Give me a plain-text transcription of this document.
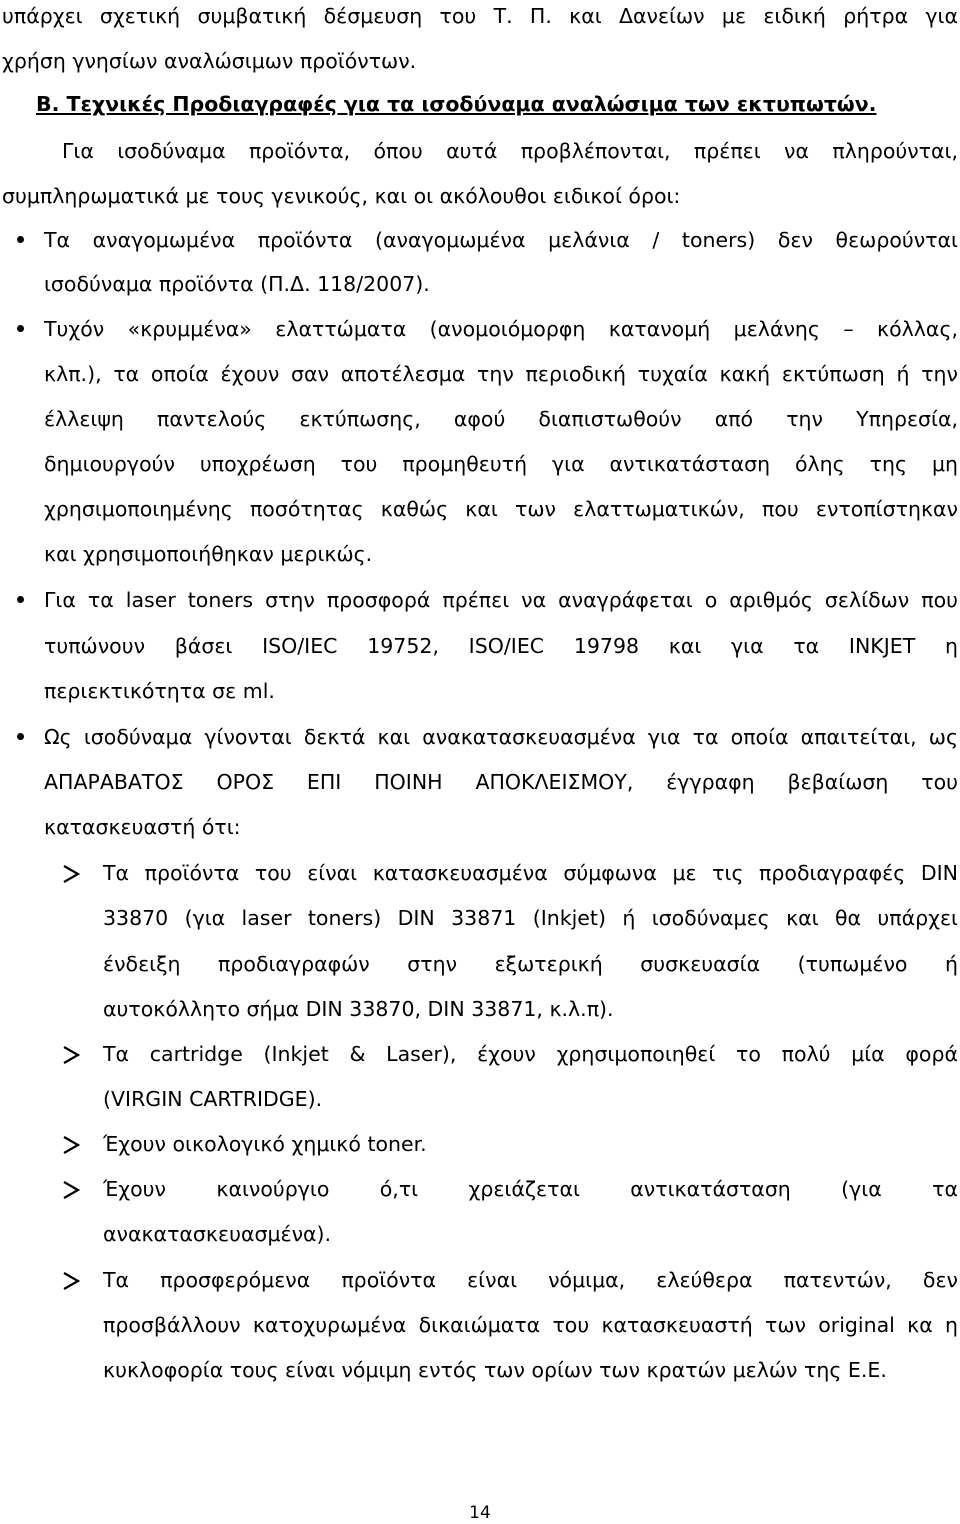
υπάρχει σχετική συμβατική δέσμευση του Τ. Π. και Δανείων με ειδική ρήτρα για
χρήση γνησίων αναλώσιμων προϊόντων.
Β. Τεχνικές Προδιαγραφές για τα ισοδύναμα αναλώσιμα των εκτυπωτών.
Για ισοδύναμα προϊόντα, όπου αυτά προβλέπονται, πρέπει να πληρούνται,
συμπληρωματικά με τους γενικούς, και οι ακόλουθοι ειδικοί όροι:
Τα αναγομωμένα προϊόντα (αναγομωμένα μελάνια / toners) δεν θεωρούνται
ισοδύναμα προϊόντα (Π.Δ. 118/2007).
Τυχόν «κρυμμένα» ελαττώματα (ανομοιόμορφη κατανομή μελάνης – κόλλας,
κλπ.), τα οποία έχουν σαν αποτέλεσμα την περιοδική τυχαία κακή εκτύπωση ή την
έλλειψη παντελούς εκτύπωσης, αφού διαπιστωθούν από την Υπηρεσία,
δημιουργούν υποχρέωση του προμηθευτή για αντικατάσταση όλης της μη
χρησιμοποιημένης ποσότητας καθώς και των ελαττωματικών, που εντοπίστηκαν
και χρησιμοποιήθηκαν μερικώς.
Για τα laser toners στην προσφορά πρέπει να αναγράφεται ο αριθμός σελίδων που
τυπώνουν βάσει ISO/IEC 19752, ISO/IEC 19798 και για τα INKJET η
περιεκτικότητα σε ml.
Ως ισοδύναμα γίνονται δεκτά και ανακατασκευασμένα για τα οποία απαιτείται, ως
ΑΠΑΡΑΒΑΤΟΣ ΟΡΟΣ ΕΠΙ ΠΟΙΝΗ ΑΠΟΚΛΕΙΣΜΟΥ, έγγραφη βεβαίωση του
κατασκευαστή ότι:
Τα προϊόντα του είναι κατασκευασμένα σύμφωνα με τις προδιαγραφές DIN
33870 (για laser toners) DIN 33871 (Inkjet) ή ισοδύναμες και θα υπάρχει
ένδειξη προδιαγραφών στην εξωτερική συσκευασία (τυπωμένο ή
αυτοκόλλητο σήμα DIN 33870, DIN 33871, κ.λ.π).
Τα cartridge (Inkjet & Laser), έχουν χρησιμοποιηθεί το πολύ μία φορά
(VIRGIN CARTRIDGE).
Έχουν οικολογικό χημικό toner.
Έχουν καινούργιο ό,τι χρειάζεται αντικατάσταση (για τα
ανακατασκευασμένα).
Τα προσφερόμενα προϊόντα είναι νόμιμα, ελεύθερα πατεντών, δεν
προσβάλλουν κατοχυρωμένα δικαιώματα του κατασκευαστή των original κα η
κυκλοφορία τους είναι νόμιμη εντός των ορίων των κρατών μελών της Ε.Ε.
14
